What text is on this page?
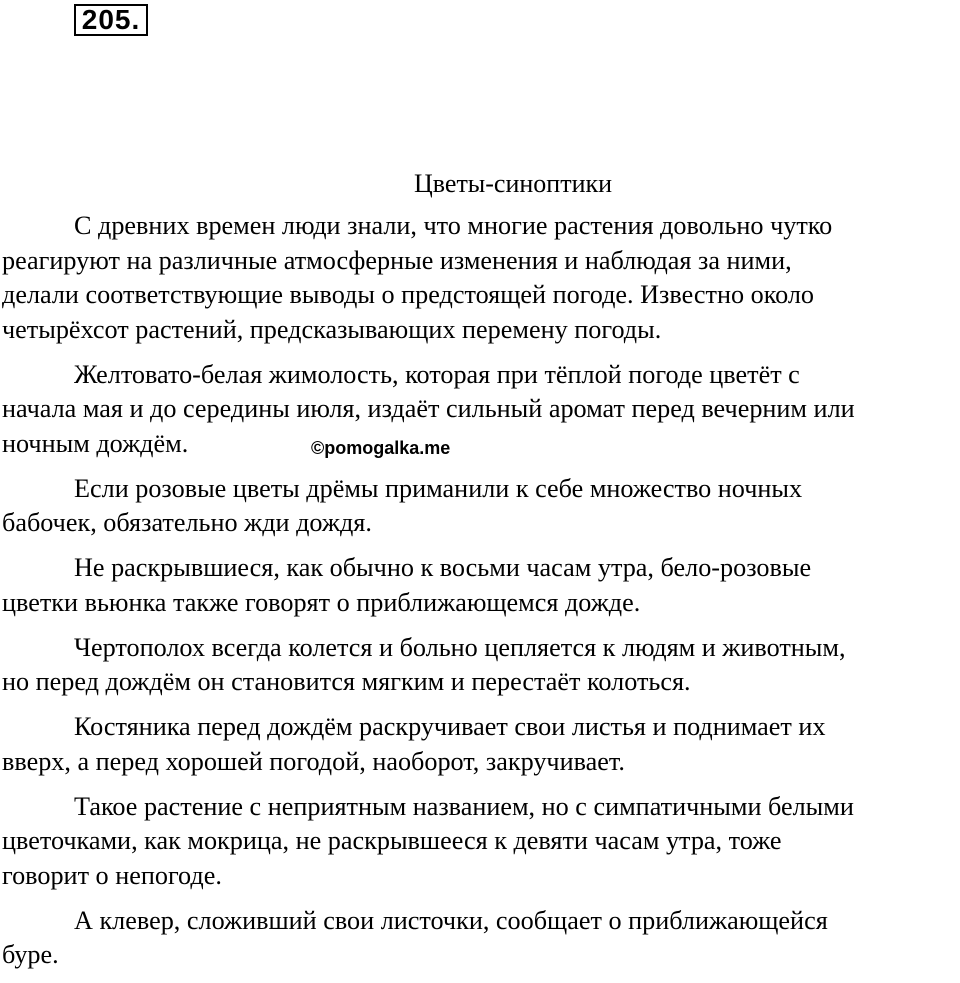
205.
Цветы-синоптики

С древних времен люди знали, что многие растения довольно чутко
реагируют на различные атмосферные изменения и наблюдая за ними,
делали соответствующие выводы о предстоящей погоде. Известно около
четырёхсот растений, предсказывающих перемену погоды.

Желтовато-белая жимолость, которая при тёплой погоде цветёт с
начала мая и до середины июля, издаёт сильный аромат перед вечерним или
ночным дождём.

Если розовые цветы дрёмы приманили к себе множество ночных
бабочек, обязательно жди дождя.

Не раскрывшиеся, как обычно к восьми часам утра, бело-розовые
цветки вьюнка также говорят о приближающемся дожде.

Чертополох всегда колется и больно цепляется к людям и животным,
но перед дождём он становится мягким и перестаёт колоться.

Костяника перед дождём раскручивает свои листья и поднимает их
вверх, а перед хорошей погодой, наоборот, закручивает.

Такое растение с неприятным названием, но с симпатичными белыми
цветочками, как мокрица, не раскрывшееся к девяти часам утра, тоже
говорит о непогоде.

А клевер, сложивший свои листочки, сообщает о приближающейся
буре.

©pomogalka.me
